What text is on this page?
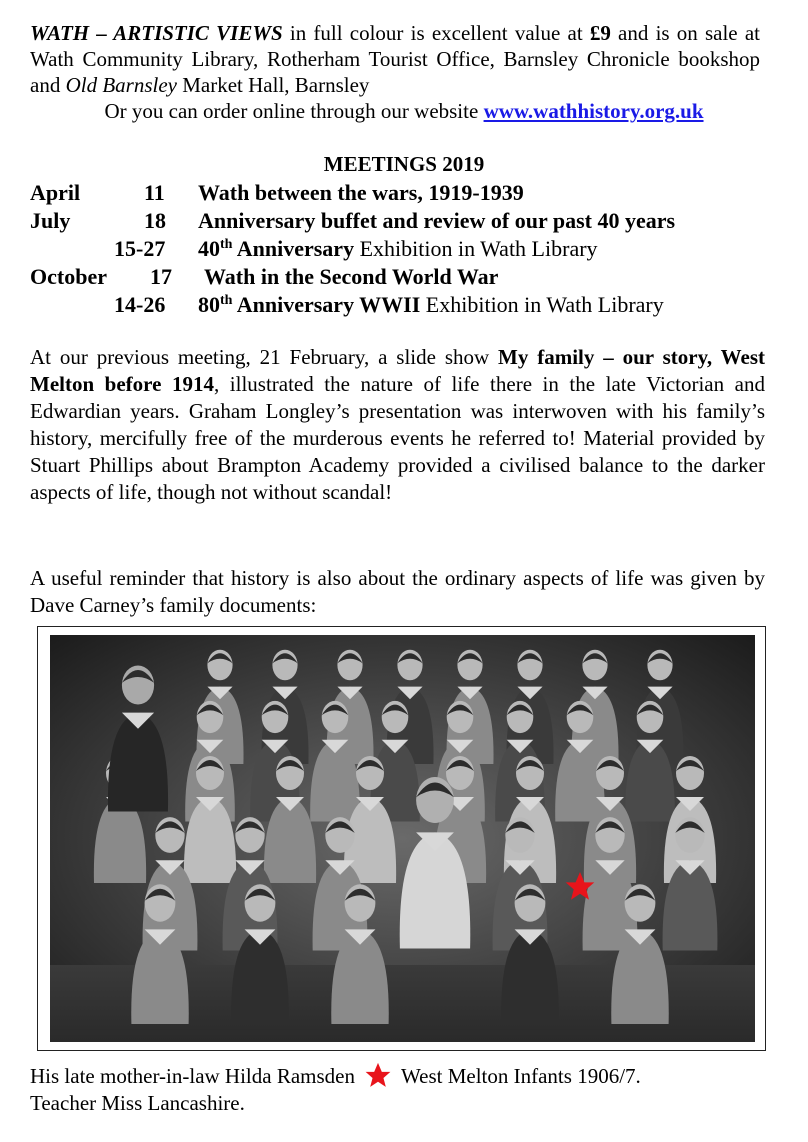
WATH – ARTISTIC VIEWS in full colour is excellent value at £9 and is on sale at Wath Community Library, Rotherham Tourist Office, Barnsley Chronicle bookshop and Old Barnsley Market Hall, Barnsley
Or you can order online through our website www.wathhistory.org.uk
MEETINGS 2019
April	11 Wath between the wars, 1919-1939
July	18 Anniversary buffet and review of our past 40 years
15-27 40th Anniversary Exhibition in Wath Library
October 17 Wath in the Second World War
14-26 80th Anniversary WWII Exhibition in Wath Library
At our previous meeting, 21 February, a slide show My family – our story, West Melton before 1914, illustrated the nature of life there in the late Victorian and Edwardian years. Graham Longley’s presentation was interwoven with his family’s history, mercifully free of the murderous events he referred to! Material provided by Stuart Phillips about Brampton Academy provided a civilised balance to the darker aspects of life, though not without scandal!
A useful reminder that history is also about the ordinary aspects of life was given by Dave Carney’s family documents:
His late mother-in-law Hilda Ramsden West Melton Infants 1906/7.
Teacher Miss Lancashire.
